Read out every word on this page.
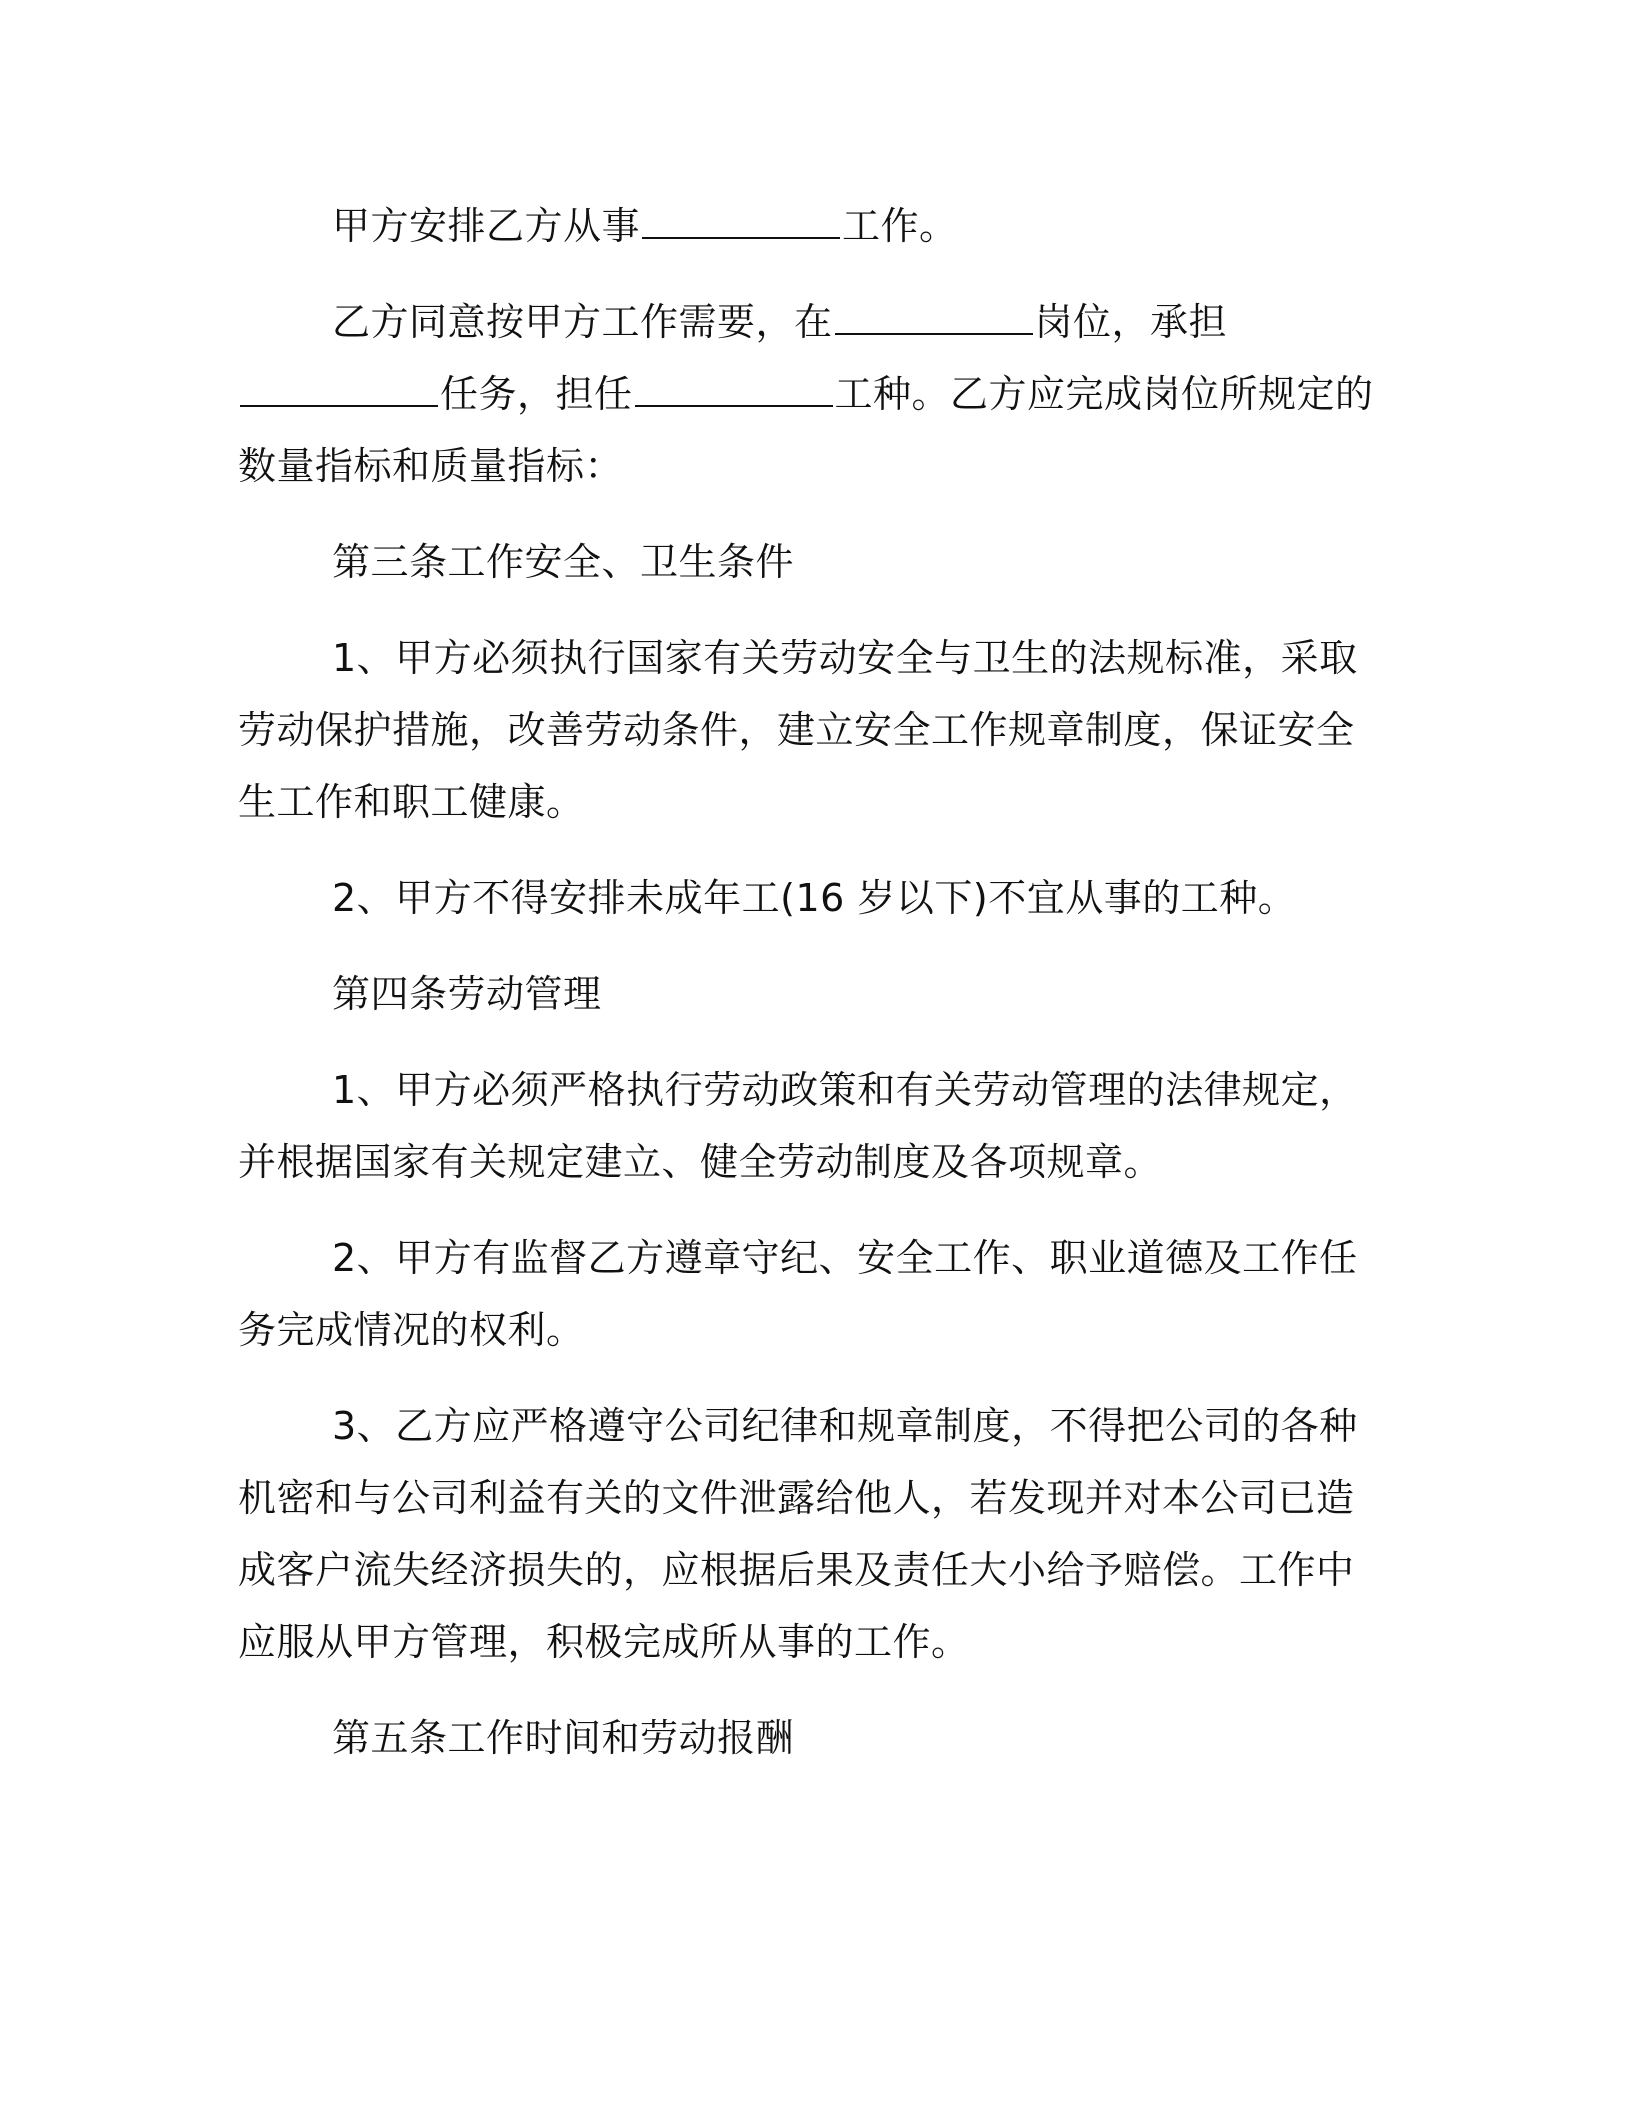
甲方安排乙方从事	工作。

乙方同意按甲方工作需要，在	岗位，承担任务，担任	工种。乙方应完成岗位所规定的数量指标和质量指标：

第三条工作安全、卫生条件

1、甲方必须执行国家有关劳动安全与卫生的法规标准，采取劳动保护措施，改善劳动条件，建立安全工作规章制度，保证安全生工作和职工健康。

2、甲方不得安排未成年工(16 岁以下)不宜从事的工种。

第四条劳动管理

1、甲方必须严格执行劳动政策和有关劳动管理的法律规定，并根据国家有关规定建立、健全劳动制度及各项规章。

2、甲方有监督乙方遵章守纪、安全工作、职业道德及工作任务完成情况的权利。

3、乙方应严格遵守公司纪律和规章制度，不得把公司的各种机密和与公司利益有关的文件泄露给他人，若发现并对本公司已造成客户流失经济损失的，应根据后果及责任大小给予赔偿。工作中应服从甲方管理，积极完成所从事的工作。

第五条工作时间和劳动报酬
